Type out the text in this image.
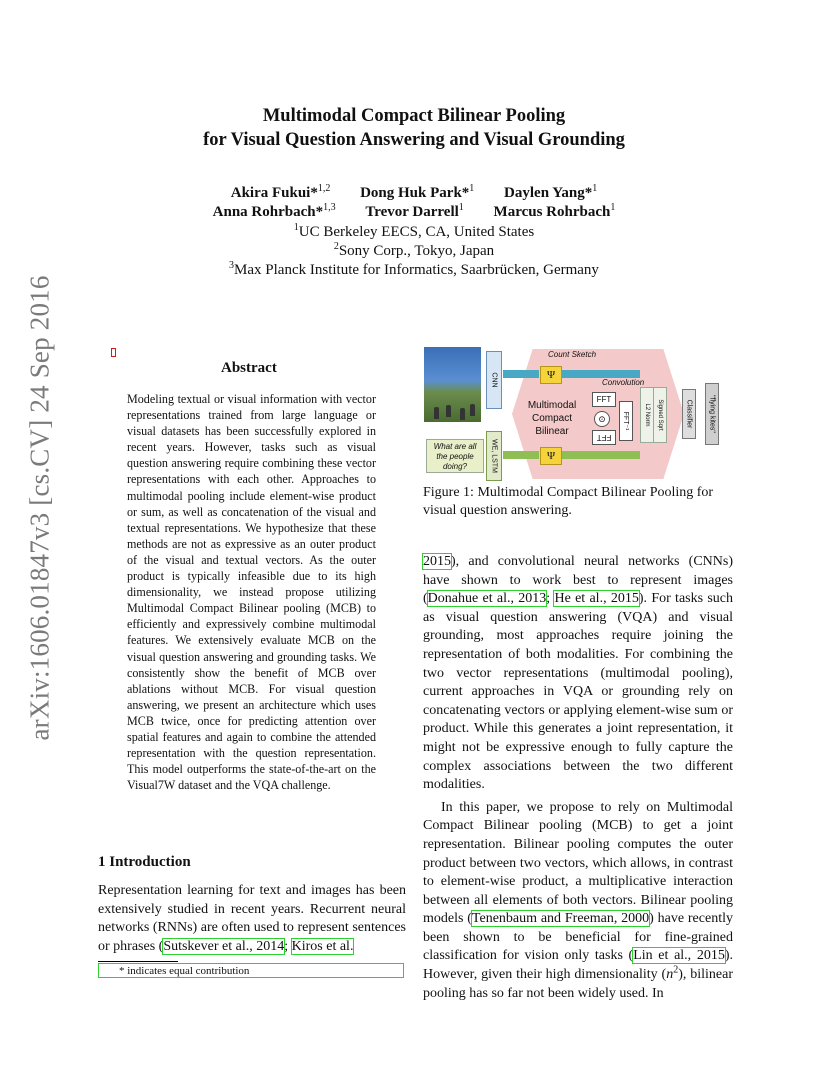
Multimodal Compact Bilinear Pooling
for Visual Question Answering and Visual Grounding
Akira Fukui*$^{1,2}$ Dong Huk Park*$^1$ Daylen Yang*$^1$
Anna Rohrbach*$^{1,3}$ Trevor Darrell$^1$ Marcus Rohrbach$^1$
$^1$UC Berkeley EECS, CA, United States
$^2$Sony Corp., Tokyo, Japan
$^3$Max Planck Institute for Informatics, Saarbrücken, Germany
arXiv:1606.01847v3 [cs.CV] 24 Sep 2016	Abstract
Modeling textual or visual information with vector representations trained from large language or visual datasets has been successfully explored in recent years. However, tasks such as visual question answering require combining these vector representations with each other. Approaches to multimodal pooling include element-wise product or sum, as well as concatenation of the visual and textual representations. We hypothesize that these methods are not as expressive as an outer product of the visual and textual vectors. As the outer product is typically infeasible due to its high dimensionality, we instead propose utilizing Multimodal Compact Bilinear pooling (MCB) to efficiently and expressively combine multimodal features. We extensively evaluate MCB on the visual question answering and grounding tasks. We consistently show the benefit of MCB over ablations without MCB. For visual question answering, we present an architecture which uses MCB twice, once for predicting attention over spatial features and again to combine the attended representation with the question representation. This model outperforms the state-of-the-art on the Visual7W dataset and the VQA challenge.
1 Introduction
Representation learning for text and images has been extensively studied in recent years. Recurrent neural networks (RNNs) are often used to represent sentences or phrases (Sutskever et al., 2014; Kiros et al.
* indicates equal contribution
What are all the people doing?
CNN
WE, LSTM
Count Sketch
Convolution
Ψ
Ψ
Multimodal Compact Bilinear
FFT
⊙
FFT
FFT⁻¹	L2 Norm Signed Sqrt	Classifier "flying kites"
Figure 1: Multimodal Compact Bilinear Pooling for visual question answering.
2015), and convolutional neural networks (CNNs) have shown to work best to represent images (Donahue et al., 2013; He et al., 2015). For tasks such as visual question answering (VQA) and visual grounding, most approaches require joining the representation of both modalities. For combining the two vector representations (multimodal pooling), current approaches in VQA or grounding rely on concatenating vectors or applying element-wise sum or product. While this generates a joint representation, it might not be expressive enough to fully capture the complex associations between the two different modalities.
In this paper, we propose to rely on Multimodal Compact Bilinear pooling (MCB) to get a joint representation. Bilinear pooling computes the outer product between two vectors, which allows, in contrast to element-wise product, a multiplicative interaction between all elements of both vectors. Bilinear pooling models (Tenenbaum and Freeman, 2000) have recently been shown to be beneficial for fine-grained classification for vision only tasks (Lin et al., 2015). However, given their high dimensionality $(n^2)$, bilinear pooling has so far not been widely used. In
